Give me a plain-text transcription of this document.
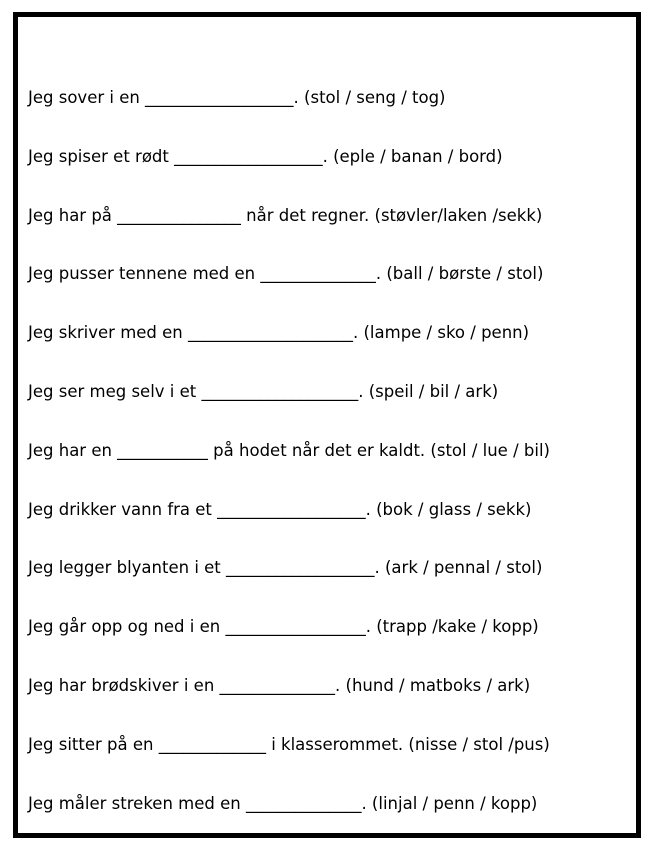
Jeg sover i en __________________. (stol / seng / tog)
Jeg spiser et rødt __________________. (eple / banan / bord)
Jeg har på _______________ når det regner. (støvler/laken /sekk)
Jeg pusser tennene med en ______________. (ball / børste / stol)
Jeg skriver med en ____________________. (lampe / sko / penn)
Jeg ser meg selv i et ___________________. (speil / bil / ark)
Jeg har en ___________ på hodet når det er kaldt. (stol / lue / bil)
Jeg drikker vann fra et __________________. (bok / glass / sekk)
Jeg legger blyanten i et __________________. (ark / pennal / stol)
Jeg går opp og ned i en _________________. (trapp /kake / kopp)
Jeg har brødskiver i en ______________. (hund / matboks / ark)
Jeg sitter på en _____________ i klasserommet. (nisse / stol /pus)
Jeg måler streken med en ______________. (linjal / penn / kopp)
